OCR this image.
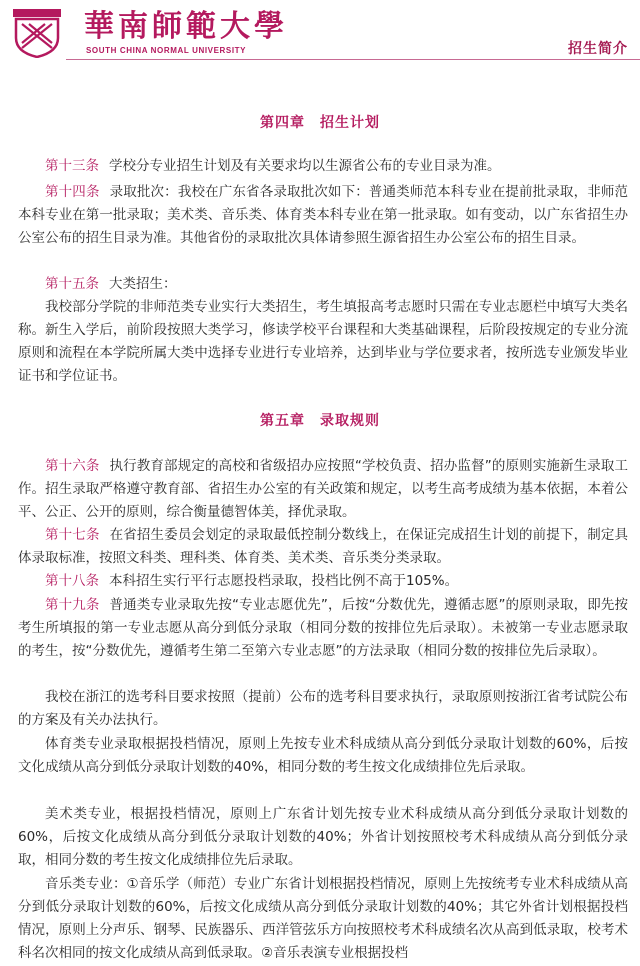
華南師範大學
SOUTH CHINA NORMAL UNIVERSITY	招生简介
第四章　招生计划

第十三条 学校分专业招生计划及有关要求均以生源省公布的专业目录为准。

第十四条 录取批次：我校在广东省各录取批次如下：普通类师范本科专业在提前批录取，非师范本科专业在第一批录取；美术类、音乐类、体育类本科专业在第一批录取。如有变动，以广东省招生办公室公布的招生目录为准。其他省份的录取批次具体请参照生源省招生办公室公布的招生目录。

第十五条 大类招生：

我校部分学院的非师范类专业实行大类招生，考生填报高考志愿时只需在专业志愿栏中填写大类名称。新生入学后，前阶段按照大类学习，修读学校平台课程和大类基础课程，后阶段按规定的专业分流原则和流程在本学院所属大类中选择专业进行专业培养，达到毕业与学位要求者，按所选专业颁发毕业证书和学位证书。

第五章　录取规则

第十六条 执行教育部规定的高校和省级招办应按照“学校负责、招办监督”的原则实施新生录取工作。招生录取严格遵守教育部、省招生办公室的有关政策和规定，以考生高考成绩为基本依据，本着公平、公正、公开的原则，综合衡量德智体美，择优录取。

第十七条 在省招生委员会划定的录取最低控制分数线上，在保证完成招生计划的前提下，制定具体录取标准，按照文科类、理科类、体育类、美术类、音乐类分类录取。

第十八条 本科招生实行平行志愿投档录取，投档比例不高于105%。

第十九条 普通类专业录取先按“专业志愿优先”，后按“分数优先，遵循志愿”的原则录取，即先按考生所填报的第一专业志愿从高分到低分录取（相同分数的按排位先后录取）。未被第一专业志愿录取的考生，按“分数优先，遵循考生第二至第六专业志愿”的方法录取（相同分数的按排位先后录取）。

我校在浙江的选考科目要求按照（提前）公布的选考科目要求执行，录取原则按浙江省考试院公布的方案及有关办法执行。

体育类专业录取根据投档情况，原则上先按专业术科成绩从高分到低分录取计划数的60%，后按文化成绩从高分到低分录取计划数的40%，相同分数的考生按文化成绩排位先后录取。

美术类专业，根据投档情况，原则上广东省计划先按专业术科成绩从高分到低分录取计划数的60%，后按文化成绩从高分到低分录取计划数的40%；外省计划按照校考术科成绩从高分到低分录取，相同分数的考生按文化成绩排位先后录取。

音乐类专业：①音乐学（师范）专业广东省计划根据投档情况，原则上先按统考专业术科成绩从高分到低分录取计划数的60%，后按文化成绩从高分到低分录取计划数的40%；其它外省计划根据投档情况，原则上分声乐、钢琴、民族器乐、西洋管弦乐方向按照校考术科成绩名次从高到低录取，校考术科名次相同的按文化成绩从高到低录取。②音乐表演专业根据投档
